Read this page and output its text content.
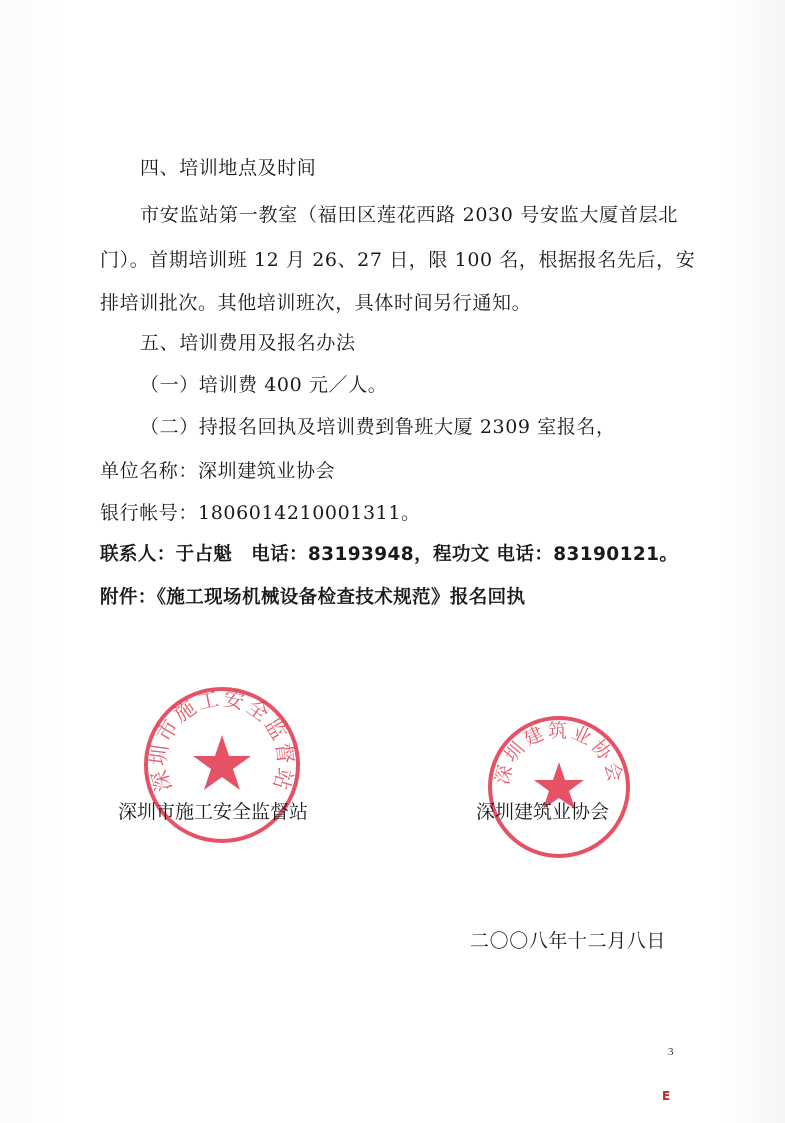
四、培训地点及时间
市安监站第一教室（福田区莲花西路 2030 号安监大厦首层北
门）。首期培训班 12 月 26、27 日，限 100 名，根据报名先后，安
排培训批次。其他培训班次，具体时间另行通知。
五、培训费用及报名办法
（一）培训费 400 元／人。
（二）持报名回执及培训费到鲁班大厦 2309 室报名，
单位名称：深圳建筑业协会
银行帐号：1806014210001311。
联系人：于占魁　电话：83193948，程功文 电话：83190121。
附件：《施工现场机械设备检查技术规范》报名回执
深圳市施工安全监督站	深圳建筑业协会
深圳市施工安全监督站	深圳建筑业协会
二〇〇八年十二月八日
3
E
